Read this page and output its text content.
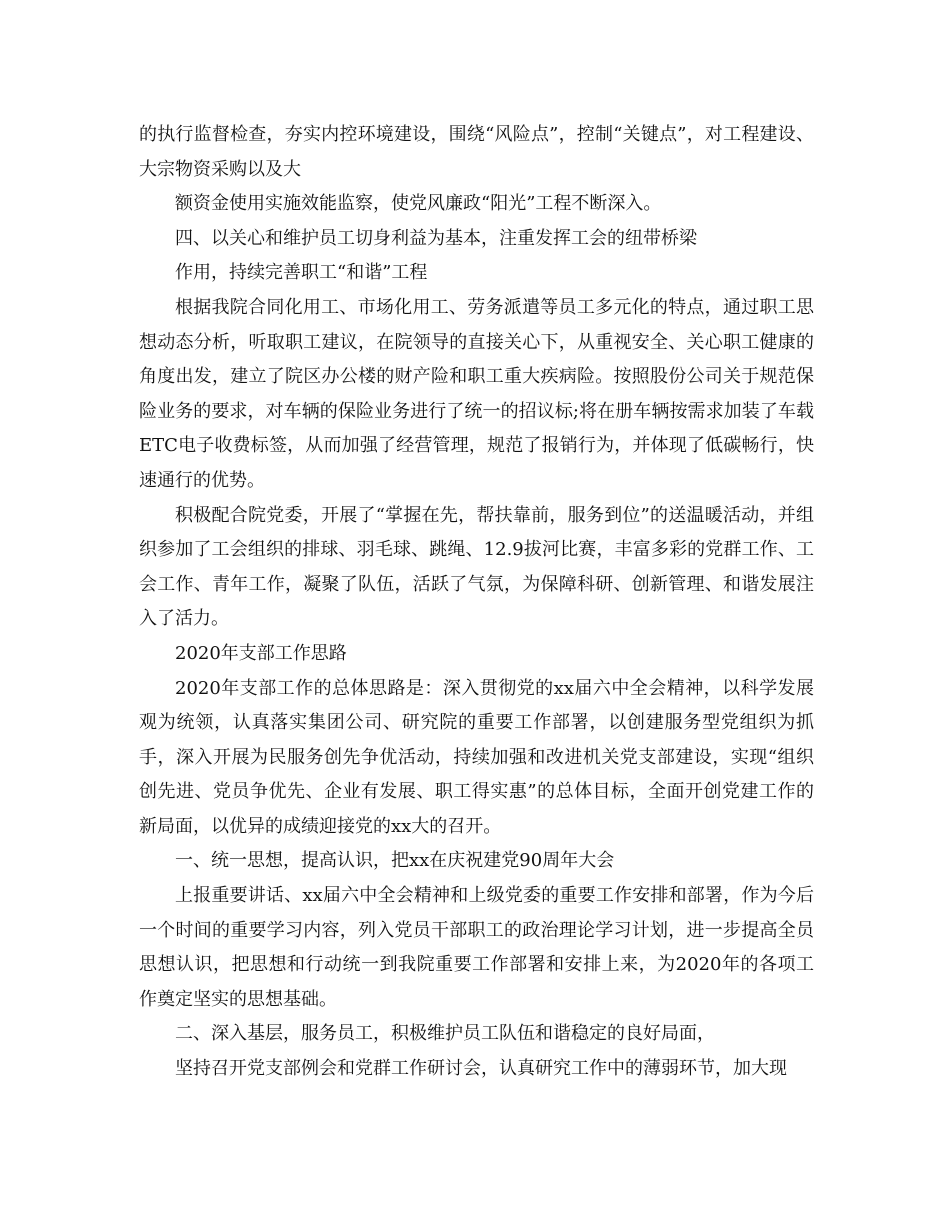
的执行监督检查，夯实内控环境建设，围绕“风险点”，控制“关键点”，对工程建设、大宗物资采购以及大

额资金使用实施效能监察，使党风廉政“阳光”工程不断深入。

四、以关心和维护员工切身利益为基本，注重发挥工会的纽带桥梁

作用，持续完善职工“和谐”工程

根据我院合同化用工、市场化用工、劳务派遣等员工多元化的特点，通过职工思想动态分析，听取职工建议，在院领导的直接关心下，从重视安全、关心职工健康的角度出发，建立了院区办公楼的财产险和职工重大疾病险。按照股份公司关于规范保险业务的要求，对车辆的保险业务进行了统一的招议标;将在册车辆按需求加装了车载ETC电子收费标签，从而加强了经营管理，规范了报销行为，并体现了低碳畅行，快速通行的优势。

积极配合院党委，开展了“掌握在先，帮扶靠前，服务到位”的送温暖活动，并组织参加了工会组织的排球、羽毛球、跳绳、12.9拔河比赛，丰富多彩的党群工作、工会工作、青年工作，凝聚了队伍，活跃了气氛，为保障科研、创新管理、和谐发展注入了活力。

2020年支部工作思路

2020年支部工作的总体思路是：深入贯彻党的xx届六中全会精神，以科学发展观为统领，认真落实集团公司、研究院的重要工作部署，以创建服务型党组织为抓手，深入开展为民服务创先争优活动，持续加强和改进机关党支部建设，实现“组织创先进、党员争优先、企业有发展、职工得实惠”的总体目标，全面开创党建工作的新局面，以优异的成绩迎接党的xx大的召开。

一、统一思想，提高认识，把xx在庆祝建党90周年大会

上报重要讲话、xx届六中全会精神和上级党委的重要工作安排和部署，作为今后一个时间的重要学习内容，列入党员干部职工的政治理论学习计划，进一步提高全员思想认识，把思想和行动统一到我院重要工作部署和安排上来，为2020年的各项工作奠定坚实的思想基础。

二、深入基层，服务员工，积极维护员工队伍和谐稳定的良好局面，

坚持召开党支部例会和党群工作研讨会，认真研究工作中的薄弱环节，加大现
